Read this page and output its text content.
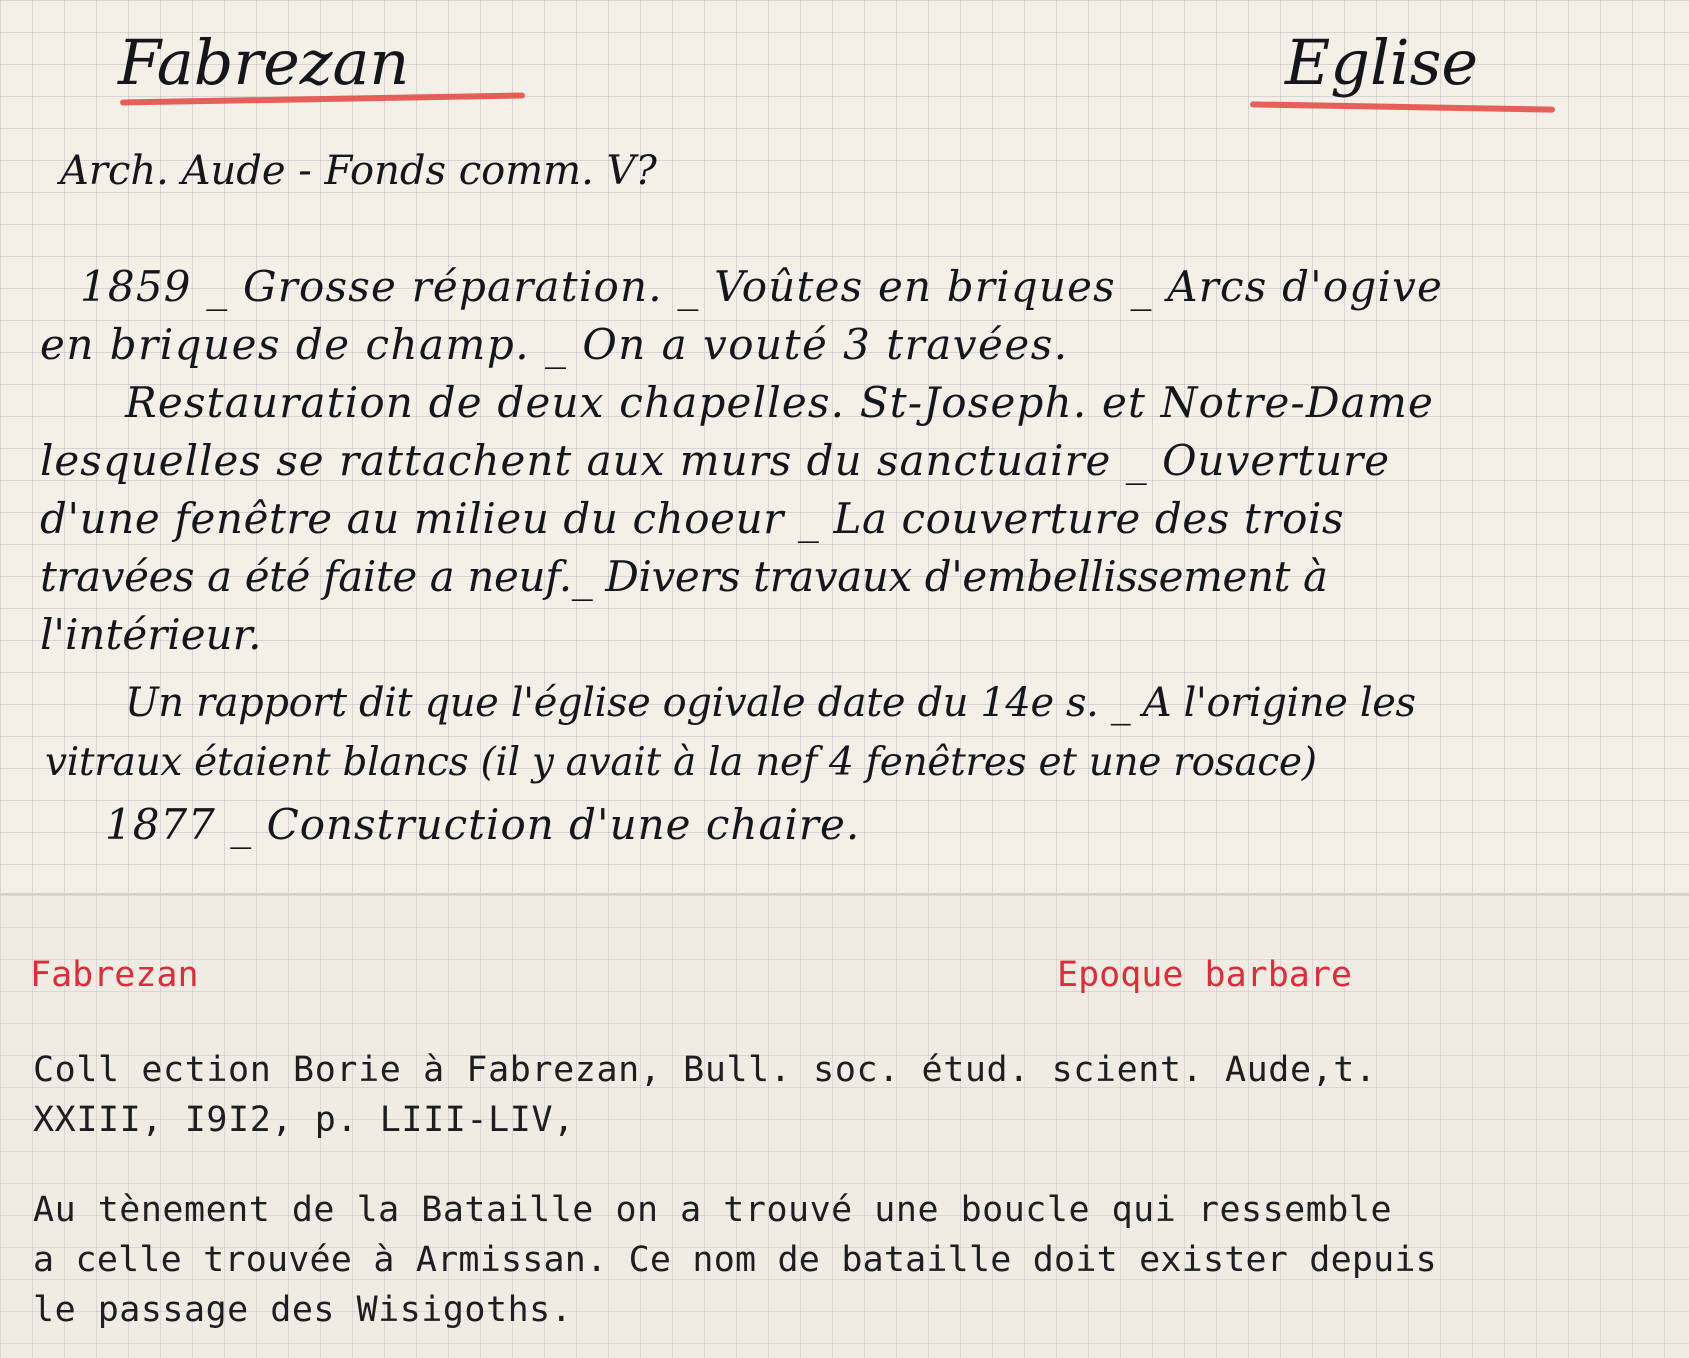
Fabrezan	Eglise
Arch. Aude - Fonds comm. V?
1859 _ Grosse réparation. _ Voûtes en briques _ Arcs d'ogive
en briques de champ. _ On a vouté 3 travées.
Restauration de deux chapelles. St-Joseph. et Notre-Dame
lesquelles se rattachent aux murs du sanctuaire _ Ouverture
d'une fenêtre au milieu du choeur _ La couverture des trois
travées a été faite a neuf._ Divers travaux d'embellissement à
l'intérieur.
Un rapport dit que l'église ogivale date du 14e s. _ A l'origine les
vitraux étaient blancs (il y avait à la nef 4 fenêtres et une rosace)
1877 _ Construction d'une chaire.
Fabrezan	Epoque barbare
Coll ection Borie à Fabrezan, Bull. soc. étud. scient. Aude,t.
XXIII, I9I2, p. LIII-LIV,
Au tènement de la Bataille on a trouvé une boucle qui ressemble
a celle trouvée à Armissan. Ce nom de bataille doit exister depuis
le passage des Wisigoths.
